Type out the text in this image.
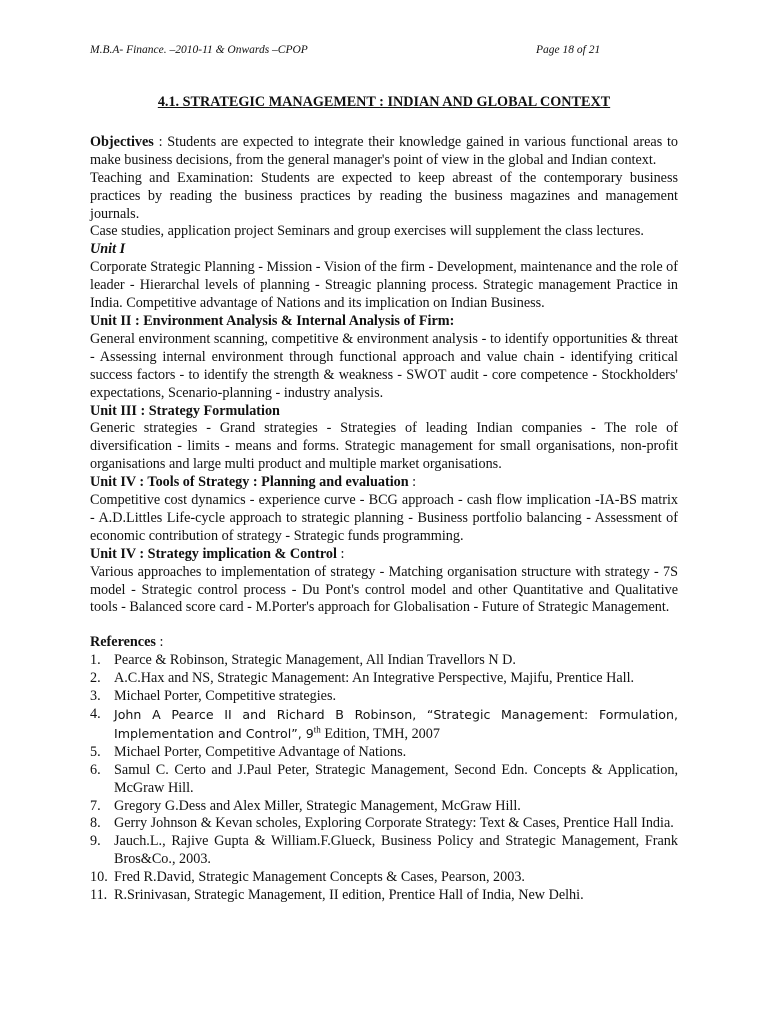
M.B.A- Finance. –2010-11 & Onwards –CPOP	Page 18 of 21
4.1. STRATEGIC MANAGEMENT : INDIAN AND GLOBAL CONTEXT

Objectives : Students are expected to integrate their knowledge gained in various functional areas to make business decisions, from the general manager's point of view in the global and Indian context.

Teaching and Examination: Students are expected to keep abreast of the contemporary business practices by reading the business practices by reading the business magazines and management journals.

Case studies, application project Seminars and group exercises will supplement the class lectures.

Unit I

Corporate Strategic Planning - Mission - Vision of the firm - Development, maintenance and the role of leader - Hierarchal levels of planning - Streagic planning process. Strategic management Practice in India. Competitive advantage of Nations and its implication on Indian Business.

Unit II : Environment Analysis & Internal Analysis of Firm:

General environment scanning, competitive & environment analysis - to identify opportunities & threat - Assessing internal environment through functional approach and value chain - identifying critical success factors - to identify the strength & weakness - SWOT audit - core competence - Stockholders' expectations, Scenario-planning - industry analysis.

Unit III : Strategy Formulation

Generic strategies - Grand strategies - Strategies of leading Indian companies - The role of diversification - limits - means and forms. Strategic management for small organisations, non-profit organisations and large multi product and multiple market organisations.

Unit IV : Tools of Strategy : Planning and evaluation :

Competitive cost dynamics - experience curve - BCG approach - cash flow implication -IA-BS matrix - A.D.Littles Life-cycle approach to strategic planning - Business portfolio balancing - Assessment of economic contribution of strategy - Strategic funds programming.

Unit IV : Strategy implication & Control :

Various approaches to implementation of strategy - Matching organisation structure with strategy - 7S model - Strategic control process - Du Pont's control model and other Quantitative and Qualitative tools - Balanced score card - M.Porter's approach for Globalisation - Future of Strategic Management.

References :

1. Pearce & Robinson, Strategic Management, All Indian Travellors N D.
2. A.C.Hax and NS, Strategic Management: An Integrative Perspective, Majifu, Prentice Hall.
3. Michael Porter, Competitive strategies.
4.	John A Pearce II and Richard B Robinson, “Strategic Management: Formulation, Implementation and Control”, 9th Edition, TMH, 2007
5. Michael Porter, Competitive Advantage of Nations.
6. Samul C. Certo and J.Paul Peter, Strategic Management, Second Edn. Concepts & Application, McGraw Hill.
7. Gregory G.Dess and Alex Miller, Strategic Management, McGraw Hill.
8. Gerry Johnson & Kevan scholes, Exploring Corporate Strategy: Text & Cases, Prentice Hall India.
9. Jauch.L., Rajive Gupta & William.F.Glueck, Business Policy and Strategic Management, Frank Bros&Co., 2003.
10. Fred R.David, Strategic Management Concepts & Cases, Pearson, 2003.
11. R.Srinivasan, Strategic Management, II edition, Prentice Hall of India, New Delhi.
